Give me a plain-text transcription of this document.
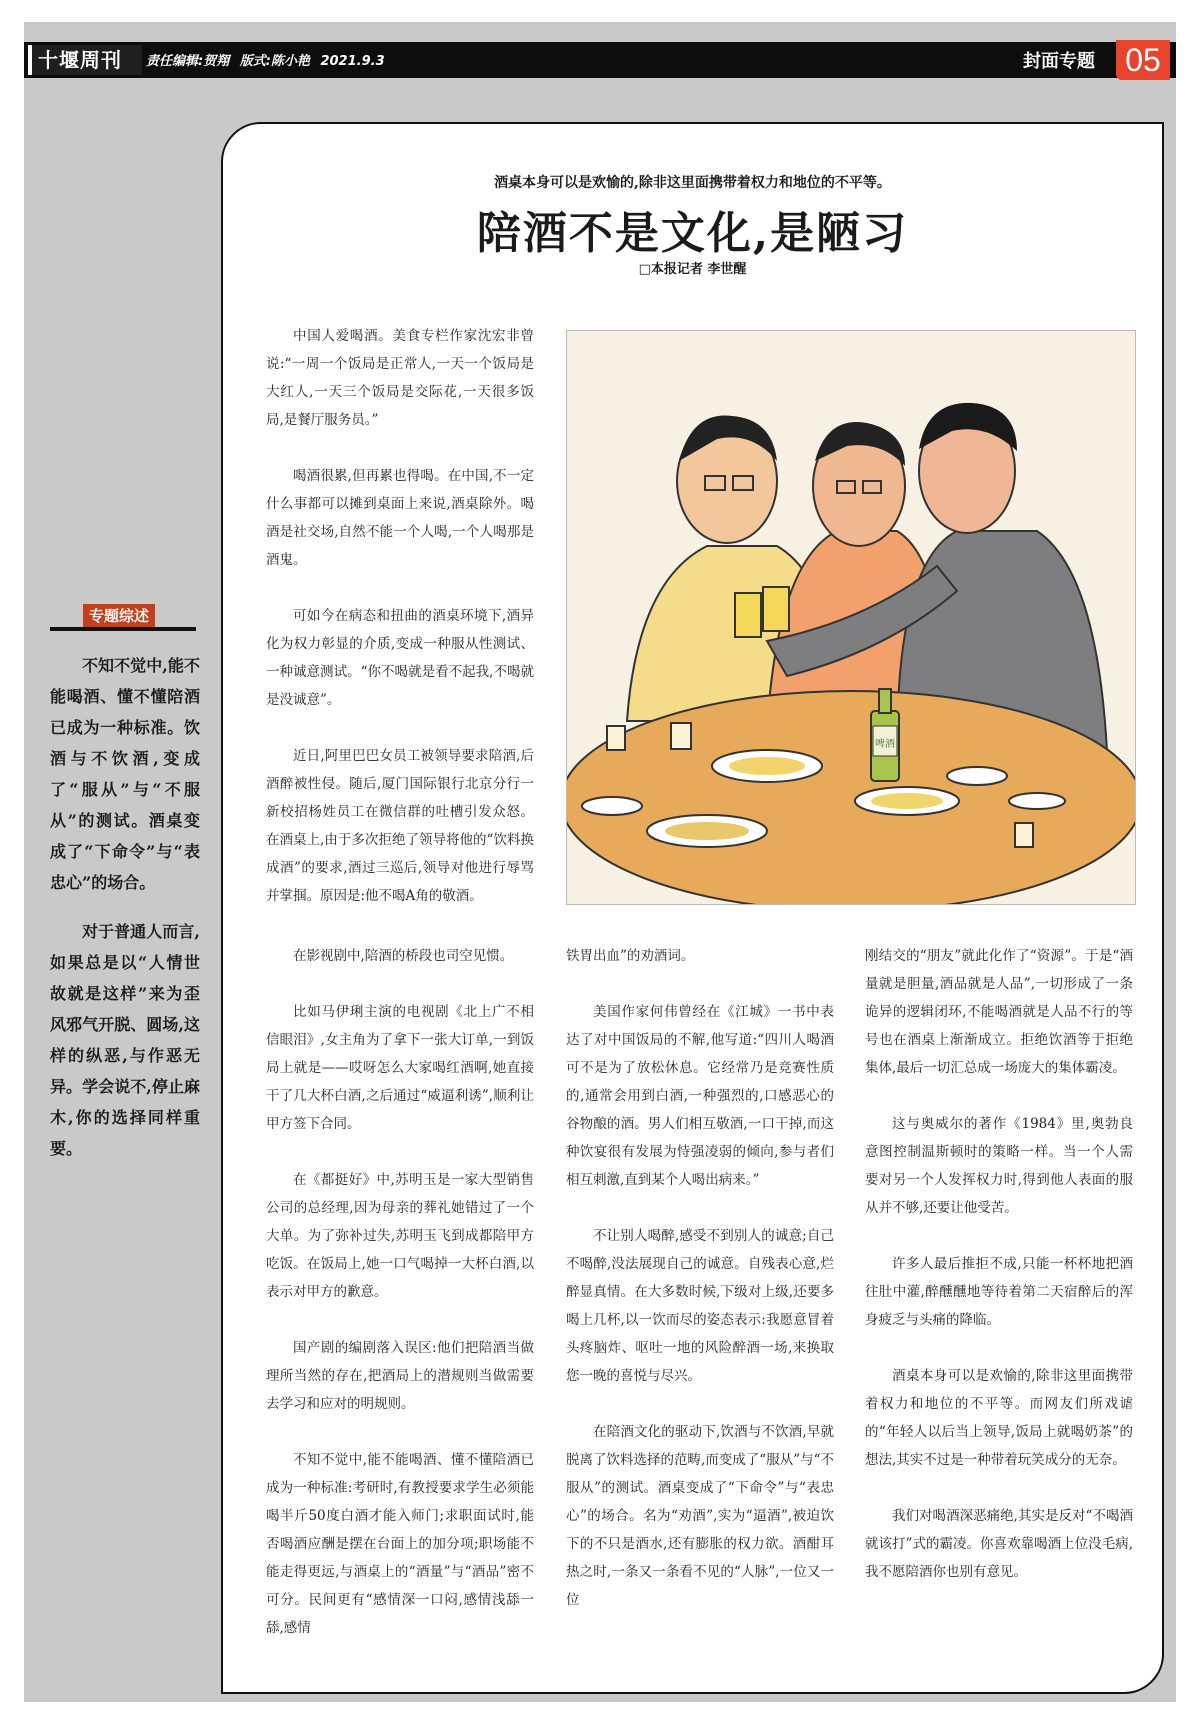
十堰周刊	责任编辑:贺翔 版式:陈小艳 2021.9.3	封面专题 05
酒桌本身可以是欢愉的,除非这里面携带着权力和地位的不平等。
陪酒不是文化,是陋习
□本报记者 李世醒

中国人爱喝酒。美食专栏作家沈宏非曾说:“一周一个饭局是正常人,一天一个饭局是大红人,一天三个饭局是交际花,一天很多饭局,是餐厅服务员。”

喝酒很累,但再累也得喝。在中国,不一定什么事都可以摊到桌面上来说,酒桌除外。喝酒是社交场,自然不能一个人喝,一个人喝那是酒鬼。

可如今在病态和扭曲的酒桌环境下,酒异化为权力彰显的介质,变成一种服从性测试、一种诚意测试。“你不喝就是看不起我,不喝就是没诚意”。

近日,阿里巴巴女员工被领导要求陪酒,后酒醉被性侵。随后,厦门国际银行北京分行一新校招杨姓员工在微信群的吐槽引发众怒。在酒桌上,由于多次拒绝了领导将他的“饮料换成酒”的要求,酒过三巡后,领导对他进行辱骂并掌掴。原因是:他不喝A角的敬酒。

啤酒

在影视剧中,陪酒的桥段也司空见惯。

比如马伊琍主演的电视剧《北上广不相信眼泪》,女主角为了拿下一张大订单,一到饭局上就是——哎呀怎么大家喝红酒啊,她直接干了几大杯白酒,之后通过“威逼利诱”,顺利让甲方签下合同。

在《都挺好》中,苏明玉是一家大型销售公司的总经理,因为母亲的葬礼她错过了一个大单。为了弥补过失,苏明玉飞到成都陪甲方吃饭。在饭局上,她一口气喝掉一大杯白酒,以表示对甲方的歉意。

国产剧的编剧落入误区:他们把陪酒当做理所当然的存在,把酒局上的潜规则当做需要去学习和应对的明规则。

不知不觉中,能不能喝酒、懂不懂陪酒已成为一种标准:考研时,有教授要求学生必须能喝半斤50度白酒才能入师门;求职面试时,能否喝酒应酬是摆在台面上的加分项;职场能不能走得更远,与酒桌上的“酒量”与“酒品”密不可分。民间更有“感情深一口闷,感情浅舔一舔,感情

铁胃出血”的劝酒词。

美国作家何伟曾经在《江城》一书中表达了对中国饭局的不解,他写道:“四川人喝酒可不是为了放松休息。它经常乃是竞赛性质的,通常会用到白酒,一种强烈的,口感恶心的谷物酿的酒。男人们相互敬酒,一口干掉,而这种饮宴很有发展为恃强凌弱的倾向,参与者们相互刺激,直到某个人喝出病来。”

不让别人喝醉,感受不到别人的诚意;自己不喝醉,没法展现自己的诚意。自残表心意,烂醉显真情。在大多数时候,下级对上级,还要多喝上几杯,以一饮而尽的姿态表示:我愿意冒着头疼脑炸、呕吐一地的风险醉酒一场,来换取您一晚的喜悦与尽兴。

在陪酒文化的驱动下,饮酒与不饮酒,早就脱离了饮料选择的范畴,而变成了“服从”与“不服从”的测试。酒桌变成了“下命令”与“表忠心”的场合。名为“劝酒”,实为“逼酒”,被迫饮下的不只是酒水,还有膨胀的权力欲。酒酣耳热之时,一条又一条看不见的“人脉”,一位又一位

刚结交的“朋友”就此化作了“资源”。于是“酒量就是胆量,酒品就是人品”,一切形成了一条诡异的逻辑闭环,不能喝酒就是人品不行的等号也在酒桌上渐渐成立。拒绝饮酒等于拒绝集体,最后一切汇总成一场庞大的集体霸凌。

这与奥威尔的著作《1984》里,奥勃良意图控制温斯顿时的策略一样。当一个人需要对另一个人发挥权力时,得到他人表面的服从并不够,还要让他受苦。

许多人最后推拒不成,只能一杯杯地把酒往肚中灌,醉醺醺地等待着第二天宿醉后的浑身疲乏与头痛的降临。

酒桌本身可以是欢愉的,除非这里面携带着权力和地位的不平等。而网友们所戏谑的“年轻人以后当上领导,饭局上就喝奶茶”的想法,其实不过是一种带着玩笑成分的无奈。

我们对喝酒深恶痛绝,其实是反对“不喝酒就该打”式的霸凌。你喜欢靠喝酒上位没毛病,我不愿陪酒你也别有意见。

专题综述

不知不觉中,能不能喝酒、懂不懂陪酒已成为一种标准。饮酒与不饮酒,变成了“服从”与“不服从”的测试。酒桌变成了“下命令”与“表忠心”的场合。

对于普通人而言,如果总是以“人情世故就是这样”来为歪风邪气开脱、圆场,这样的纵恶,与作恶无异。学会说不,停止麻木,你的选择同样重要。
